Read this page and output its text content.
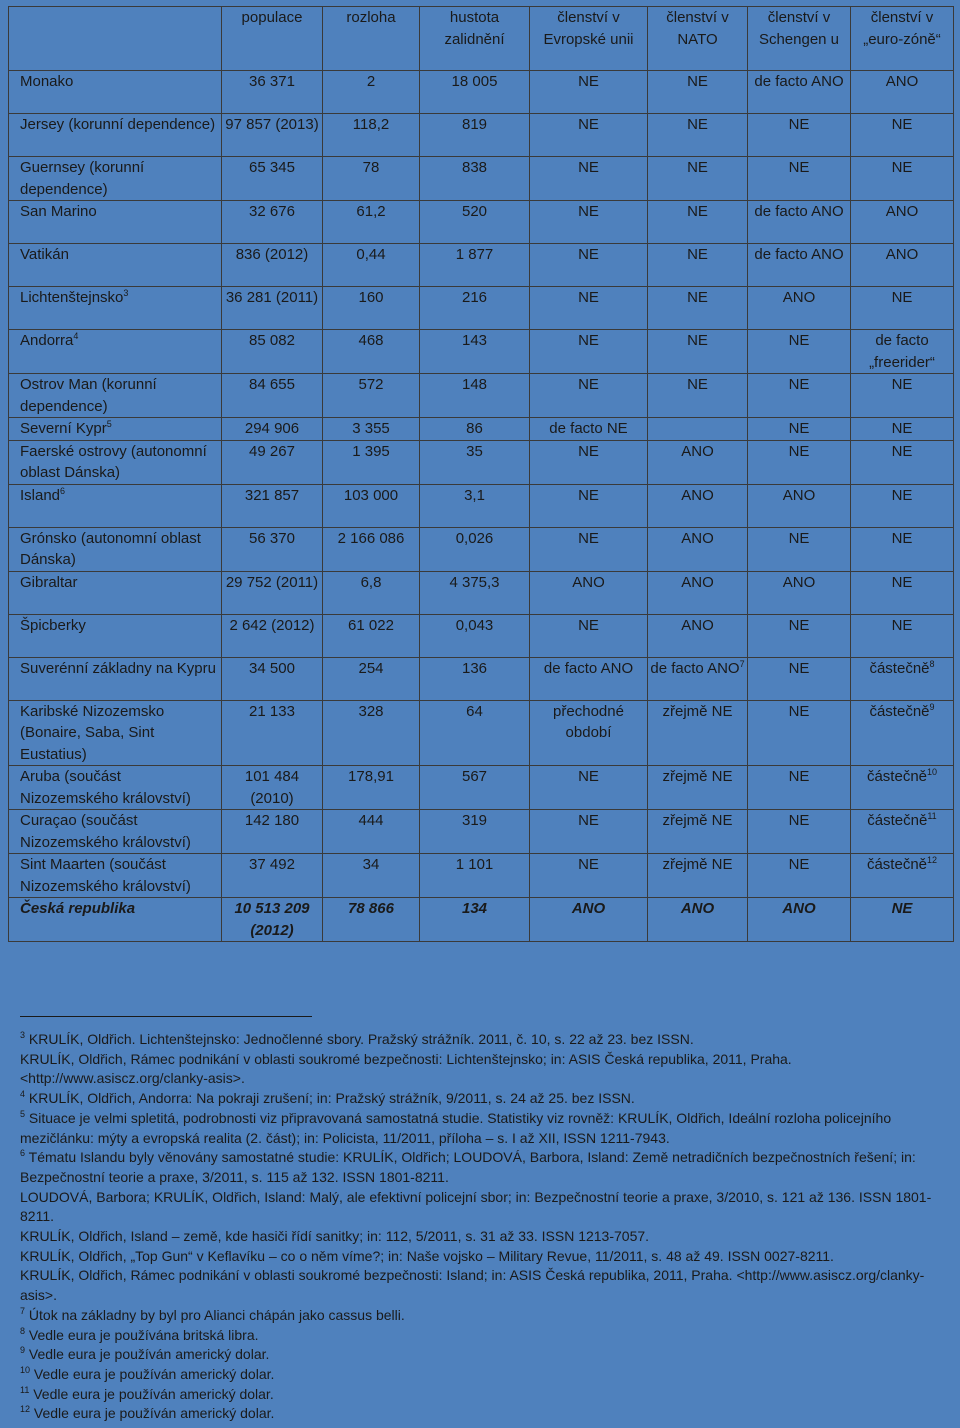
	populace	rozloha	hustota zalidnění	členství v Evropské unii	členství v NATO	členství v Schengen u	členství v „euro-zóně“
Monako	36 371	2	18 005	NE	NE	de facto ANO	ANO
Jersey (korunní dependence)	97 857 (2013)	118,2	819	NE	NE	NE	NE
Guernsey (korunní dependence)	65 345	78	838	NE	NE	NE	NE
San Marino	32 676	61,2	520	NE	NE	de facto ANO	ANO
Vatikán	836 (2012)	0,44	1 877	NE	NE	de facto ANO	ANO
Lichtenštejnsko$^3$	36 281 (2011)	160	216	NE	NE	ANO	NE
Andorra$^4$	85 082	468	143	NE	NE	NE	de facto „freerider“
Ostrov Man (korunní dependence)	84 655	572	148	NE	NE	NE	NE
Severní Kypr$^5$	294 906	3 355	86	de facto NE		NE	NE
Faerské ostrovy (autonomní oblast Dánska)	49 267	1 395	35	NE	ANO	NE	NE
Island$^6$	321 857	103 000	3,1	NE	ANO	ANO	NE
Grónsko (autonomní oblast Dánska)	56 370	2 166 086	0,026	NE	ANO	NE	NE
Gibraltar	29 752 (2011)	6,8	4 375,3	ANO	ANO	ANO	NE
Špicberky	2 642 (2012)	61 022	0,043	NE	ANO	NE	NE
Suverénní základny na Kypru	34 500	254	136	de facto ANO	de facto ANO$^7$	NE	částečně$^8$
Karibské Nizozemsko (Bonaire, Saba, Sint Eustatius)	21 133	328	64	přechodné období	zřejmě NE	NE	částečně$^9$
Aruba (součást Nizozemského království)	101 484 (2010)	178,91	567	NE	zřejmě NE	NE	částečně$^{10}$
Curaçao (součást Nizozemského království)	142 180	444	319	NE	zřejmě NE	NE	částečně$^{11}$
Sint Maarten (součást Nizozemského království)	37 492	34	1 101	NE	zřejmě NE	NE	částečně$^{12}$
Česká republika	10 513 209 (2012)	78 866	134	ANO	ANO	ANO	NE

$^3$ KRULÍK, Oldřich. Lichtenštejnsko: Jednočlenné sbory. Pražský strážník. 2011, č. 10, s. 22 až 23. bez ISSN.

KRULÍK, Oldřich, Rámec podnikání v oblasti soukromé bezpečnosti: Lichtenštejnsko; in: ASIS Česká republika, 2011, Praha. <http://www.asiscz.org/clanky-asis>.

$^4$ KRULÍK, Oldřich, Andorra: Na pokraji zrušení; in: Pražský strážník, 9/2011, s. 24 až 25. bez ISSN.

$^5$ Situace je velmi spletitá, podrobnosti viz připravovaná samostatná studie. Statistiky viz rovněž: KRULÍK, Oldřich, Ideální rozloha policejního mezičlánku: mýty a evropská realita (2. část); in: Policista, 11/2011, příloha – s. I až XII, ISSN 1211-7943.

$^6$ Tématu Islandu byly věnovány samostatné studie: KRULÍK, Oldřich; LOUDOVÁ, Barbora, Island: Země netradičních bezpečnostních řešení; in: Bezpečnostní teorie a praxe, 3/2011, s. 115 až 132. ISSN 1801-8211.

LOUDOVÁ, Barbora; KRULÍK, Oldřich, Island: Malý, ale efektivní policejní sbor; in: Bezpečnostní teorie a praxe, 3/2010, s. 121 až 136. ISSN 1801-8211.

KRULÍK, Oldřich, Island – země, kde hasiči řídí sanitky; in: 112, 5/2011, s. 31 až 33. ISSN 1213-7057.

KRULÍK, Oldřich, „Top Gun“ v Keflavíku – co o něm víme?; in: Naše vojsko – Military Revue, 11/2011, s. 48 až 49. ISSN 0027-8211.

KRULÍK, Oldřich, Rámec podnikání v oblasti soukromé bezpečnosti: Island; in: ASIS Česká republika, 2011, Praha. <http://www.asiscz.org/clanky-asis>.

$^7$ Útok na základny by byl pro Alianci chápán jako cassus belli.

$^8$ Vedle eura je používána britská libra.

$^9$ Vedle eura je používán americký dolar.

$^{10}$ Vedle eura je používán americký dolar.

$^{11}$ Vedle eura je používán americký dolar.

$^{12}$ Vedle eura je používán americký dolar.
